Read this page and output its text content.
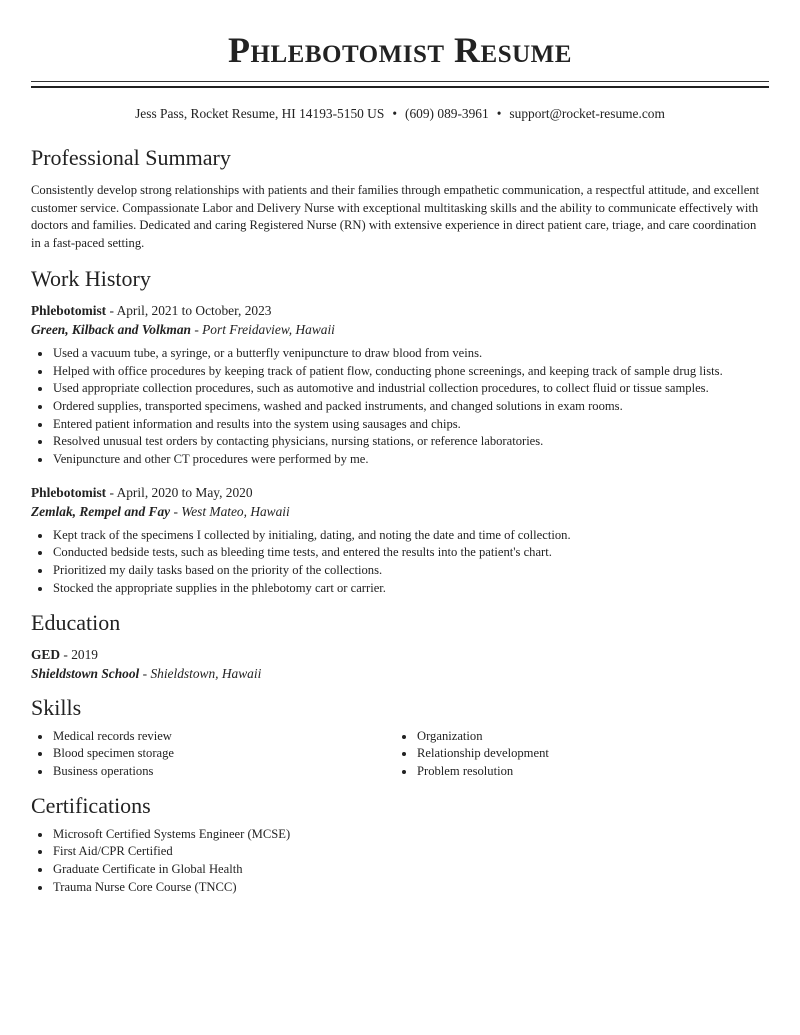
Phlebotomist Resume
Jess Pass, Rocket Resume, HI 14193-5150 US • (609) 089-3961 • support@rocket-resume.com
Professional Summary

Consistently develop strong relationships with patients and their families through empathetic communication, a respectful attitude, and excellent customer service. Compassionate Labor and Delivery Nurse with exceptional multitasking skills and the ability to communicate effectively with doctors and families. Dedicated and caring Registered Nurse (RN) with extensive experience in direct patient care, triage, and care coordination in a fast-paced setting.

Work History
Phlebotomist - April, 2021 to October, 2023
Green, Kilback and Volkman - Port Freidaview, Hawaii
Used a vacuum tube, a syringe, or a butterfly venipuncture to draw blood from veins.
Helped with office procedures by keeping track of patient flow, conducting phone screenings, and keeping track of sample drug lists.
Used appropriate collection procedures, such as automotive and industrial collection procedures, to collect fluid or tissue samples.
Ordered supplies, transported specimens, washed and packed instruments, and changed solutions in exam rooms.
Entered patient information and results into the system using sausages and chips.
Resolved unusual test orders by contacting physicians, nursing stations, or reference laboratories.
Venipuncture and other CT procedures were performed by me.
Phlebotomist - April, 2020 to May, 2020
Zemlak, Rempel and Fay - West Mateo, Hawaii
Kept track of the specimens I collected by initialing, dating, and noting the date and time of collection.
Conducted bedside tests, such as bleeding time tests, and entered the results into the patient's chart.
Prioritized my daily tasks based on the priority of the collections.
Stocked the appropriate supplies in the phlebotomy cart or carrier.
Education
GED - 2019
Shieldstown School - Shieldstown, Hawaii
Skills
Medical records review
Blood specimen storage
Business operations
Organization
Relationship development
Problem resolution
Certifications
Microsoft Certified Systems Engineer (MCSE)
First Aid/CPR Certified
Graduate Certificate in Global Health
Trauma Nurse Core Course (TNCC)
